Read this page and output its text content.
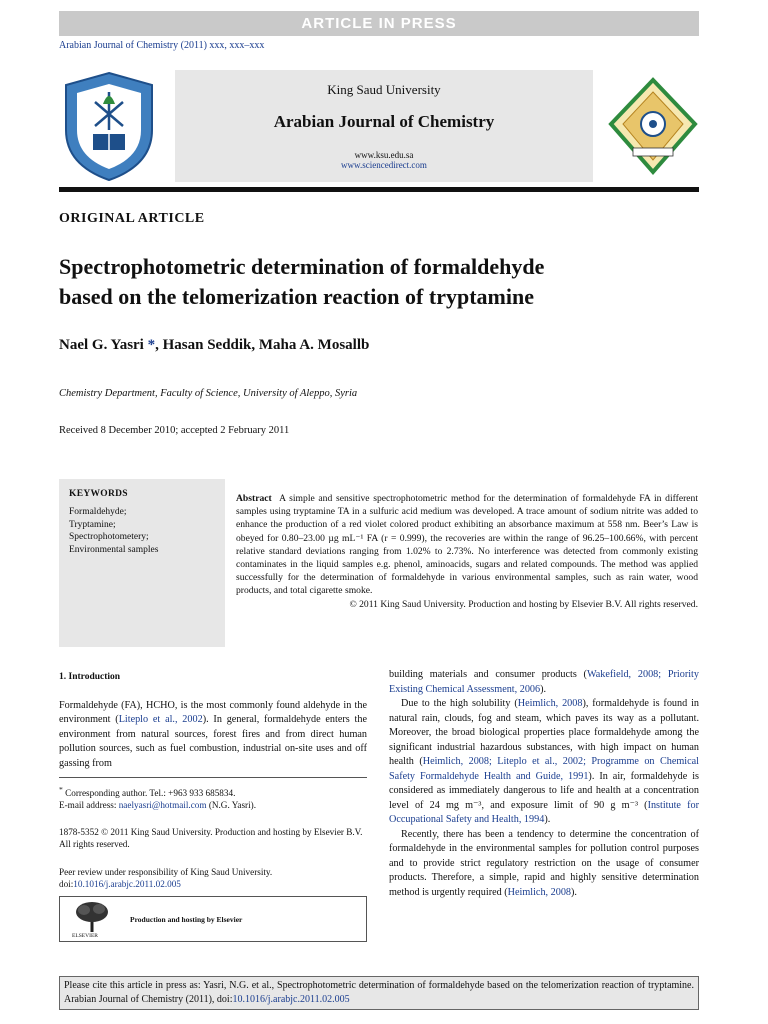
ARTICLE IN PRESS
Arabian Journal of Chemistry (2011) xxx, xxx–xxx
King Saud University
Arabian Journal of Chemistry
www.ksu.edu.sa
www.sciencedirect.com
ORIGINAL ARTICLE
Spectrophotometric determination of formaldehyde
based on the telomerization reaction of tryptamine
Nael G. Yasri *, Hasan Seddik, Maha A. Mosallb
Chemistry Department, Faculty of Science, University of Aleppo, Syria
Received 8 December 2010; accepted 2 February 2011
KEYWORDS
Formaldehyde;
Tryptamine;
Spectrophotometery;
Environmental samples
Abstract A simple and sensitive spectrophotometric method for the determination of formaldehyde FA in different samples using tryptamine TA in a sulfuric acid medium was developed. A trace amount of sodium nitrite was added to enhance the production of a red violet colored product exhibiting an absorbance maximum at 558 nm. Beer’s Law is obeyed for 0.80–23.00 µg mL⁻¹ FA (r = 0.999), the recoveries are within the range of 96.25–100.66%, with percent relative standard deviations ranging from 1.02% to 2.73%. No interference was detected from commonly existing contaminates in the liquid samples e.g. phenol, aminoacids, sugars and related compounds. The method was applied successfully for the determination of formaldehyde in various environmental samples, such as rain water, wood products, and total cigarette smoke.
© 2011 King Saud University. Production and hosting by Elsevier B.V. All rights reserved.
1. Introduction

Formaldehyde (FA), HCHO, is the most commonly found aldehyde in the environment (Liteplo et al., 2002). In general, formaldehyde enters the environment from natural sources, forest fires and from direct human pollution sources, such as fuel combustion, industrial on-site uses and off gassing from

* Corresponding author. Tel.: +963 933 685834.
E-mail address: naelyasri@hotmail.com (N.G. Yasri).
1878-5352 © 2011 King Saud University. Production and hosting by Elsevier B.V. All rights reserved.
Peer review under responsibility of King Saud University.
doi:10.1016/j.arabjc.2011.02.005
ELSEVIER
Production and hosting by Elsevier

building materials and consumer products (Wakefield, 2008; Priority Existing Chemical Assessment, 2006).

Due to the high solubility (Heimlich, 2008), formaldehyde is found in natural rain, clouds, fog and steam, which paves its way as a pollutant. Moreover, the broad biological properties place formaldehyde among the significant industrial hazardous substances, with high impact on human health (Heimlich, 2008; Liteplo et al., 2002; Programme on Chemical Safety Formaldehyde Health and Guide, 1991). In air, formaldehyde is considered as immediately dangerous to life and health at a concentration level of 24 mg m⁻³, and exposure limit of 90 g m⁻³ (Institute for Occupational Safety and Health, 1994).

Recently, there has been a tendency to determine the concentration of formaldehyde in the environmental samples for pollution control purposes and to provide strict regulatory restriction on the usage of consumer products. Therefore, a simple, rapid and highly sensitive determination method is urgently required (Heimlich, 2008).

Please cite this article in press as: Yasri, N.G. et al., Spectrophotometric determination of formaldehyde based on the telomerization reaction of tryptamine. Arabian Journal of Chemistry (2011), doi:10.1016/j.arabjc.2011.02.005
